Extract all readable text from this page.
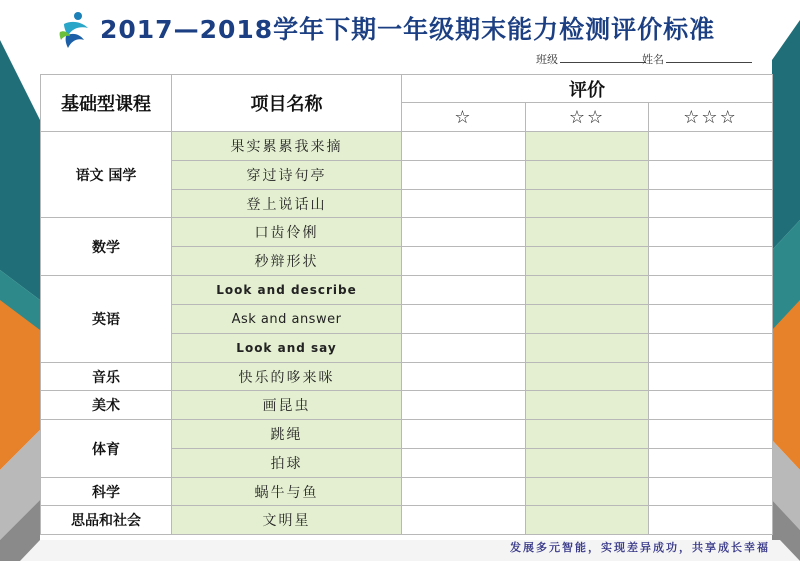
2017—2018学年下期一年级期末能力检测评价标准
班级	姓名
基础型课程	项目名称	评价		
		☆	☆☆	☆☆☆
语文 国学	果实累累我来摘			
	穿过诗句亭			
	登上说话山			
数学	口齿伶俐			
	秒辩形状			
英语	Look and describe			
	Ask and answer			
	Look and say			
音乐	快乐的哆来咪			
美术	画昆虫			
体育	跳绳			
	拍球			
科学	蜗牛与鱼			
思品和社会	文明星			
发展多元智能，实现差异成功，共享成长幸福
